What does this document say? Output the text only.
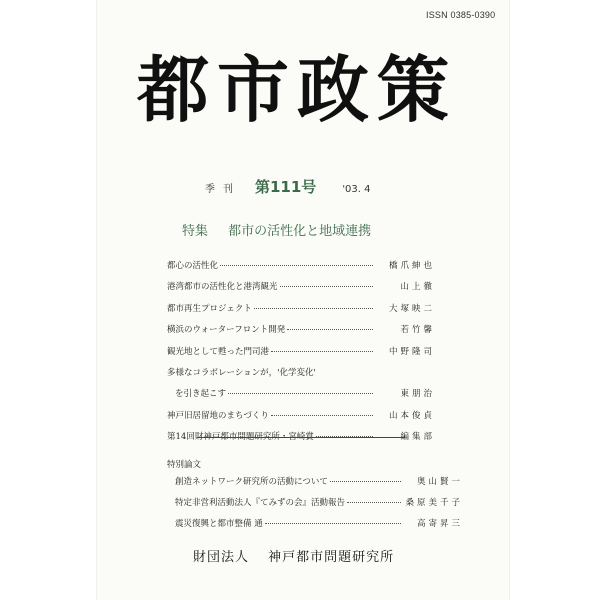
ISSN 0385-0390
都市政策
季刊 第111号	'03. 4
特集 都市の活性化と地域連携
都心の活性化	橋爪紳也
港湾都市の活性化と港湾観光	山上徹
都市再生プロジェクト	大塚映二
横浜のウォーターフロント開発	若竹馨
観光地として甦った門司港	中野隆司
多様なコラボレーションが，'化学変化'
を引き起こす	東朋治
神戸旧居留地のまちづくり	山本俊貞
第14回財神戸都市問題研究所・宮崎賞	編集部
特別論文
創造ネットワーク研究所の活動について	奥山賢一
特定非営利活動法人『てみずの会』活動報告	桑原美千子
震災復興と都市整備 通	高寄昇三
財団法人 神戸都市問題研究所
